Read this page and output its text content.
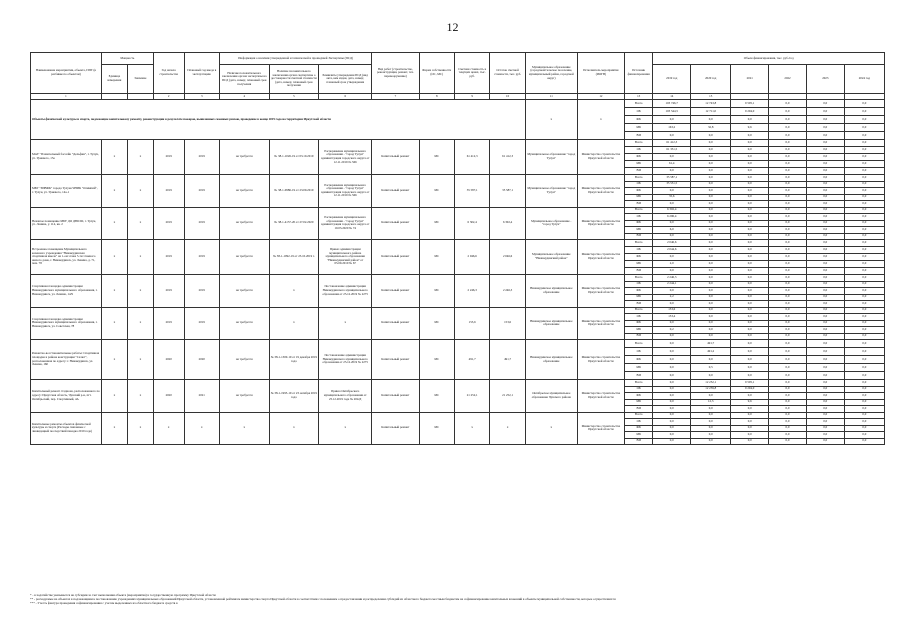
12
Наименование мероприятия, объекта, ППТ (в разбивке по объектам)	Мощность		Год начала строительства	Плановый год ввода в эксплуатацию	Информация о наличии утвержденной и технической и прошедшей Экспертизы (ПСД)			Вид работ (строительство, реконструкция, ремонт, тех. перевооружение)	Форма собственности (ОС, МС)	Сметная стоимость в текущих ценах, тыс. руб.	Остаток сметной стоимости, тыс. руб.	Муниципальное образование (городской/сельское поселение, муниципальный район, городской округ)	Исполнитель мероприятия (ИОГВ)	Источник финансирования	Объем финансирования, тыс. руб./год					
	Единица измерения	Значение			Наличие положительного заключения органа экспертизы на ПСД (дата, номер; плановый срок получения	Наличие положительного заключения органа экспертизы о достоверности сметной стоимости (дата, номер; плановый срок получения	Реквизиты утверждения ПСД (вид акта, кем издан, дата, номер; плановый срок утверждения								2019 год	2020 год	2021	2022	2023	2024 год

1			2	3	4	5	6	7	8	9	10	11	12	13	14	15				
Объекты физической культуры и спорта, подлежащие капитальному ремонту, реконструкции в результате пожаров, выявленных сезонных рисков, проведение в конце 2019 года на территории Иркутской области												х	х	Всего	103 746,7	12 743,8	9 505,1	0,0	0,0	0,0
														ОБ	103 544,5	12 711,0	9 294,0	0,0	0,0	0,0
														ФБ	0,0	0,0	0,0	0,0	0,0	0,0
														МБ	163,2	32,8	9,6	0,0	0,0	0,0
														ВИ	0,0	0,0	0,0	0,0	0,0	0,0
МАУ "Плавательный бассейн "Дельфин", г. Тулун, ул. Уриевого, 15а	х	х	2019	2019	не требуется	№ 38-1-1026-19 от 03.10.2019	Распоряжение муниципального образования - "город Тулун" администрация городского округа от 12.11.2019 № 566	Капитальный ремонт	МС	61 412,3	61 412,3	Муниципальное образование "город Тулун"	Министерство строительства Иркутской области	Всего	61 412,3	0,0	0,0	0,0	0,0	0,0
														ОБ	61 351,5	0,0	0,0	0,0	0,0	0,0
														ФБ	0,0	0,0	0,0	0,0	0,0	0,0
														МБ	61,4	0,0	0,0	0,0	0,0	0,0
														ВИ	0,0	0,0	0,0	0,0	0,0	0,0
МБУ "ЗИВФК" города Тулуна ЧНИК "Олимпий", г. Тулун, ул. Уриевого, 14а-1	х	х	2019	2019	не требуется	№ 38-1-0986-19 от 23.09.2019	Распоряжение муниципального образования - "город Тулун" администрация городского округа от 12.11.2019 № 566	Капитальный ремонт	МС	35 587,1	35 587,1	Муниципальное образование "город Тулун"	Министерство строительства Иркутской области	Всего	35 587,1	0,0	0,0	0,0	0,0	0,0
														ОБ	35 551,5	0,0	0,0	0,0	0,0	0,0
														ФБ	0,0	0,0	0,0	0,0	0,0	0,0
														МБ	35,6	0,0	0,0	0,0	0,0	0,0
														ВИ	0,0	0,0	0,0	0,0	0,0	0,0
Нежилое помещение МБУ ДО ДЮСШ, г. Тулун, ул. Ленина, у. 114, кв. 2	х	х	2019	2019	не требуется	№ 38-1-4157-20 от 27.02.2020	Распоряжение муниципального образования - "город Тулун" администрация городского округа от 10.03.2020 № 74	Капитальный ремонт	МС	6 302,4	6 302,4	Муниципальное образование - "город Тулун"	Министерство строительства Иркутской области	Всего	6 302,4	0,0	0,0	0,0	0,0	0,0
														ОБ	6 296,4	0,0	0,0	0,0	0,0	0,0
														ФБ	0,0	0,0	0,0	0,0	0,0	0,0
														МБ	6,0	0,0	0,0	0,0	0,0	0,0
														ВИ	0,0	0,0	0,0	0,0	0,0	0,0
Встроенное помещение Муниципального казенного учреждения "Нижнеудинская спортивная школа" на 1-ом этаже 5-ти этажного жилого дома, г. Нижнеудинск, ул. Ленина, д. 71, пом. 78	х	х	2019	2019	не требуется	№ 38-1-1092-19 от 23.10.2019 г.	Приказ администрации муниципального района муниципального образования "Нижнеудинский район" от 05.09.2019 № 67	Капитальный ремонт	МС	2 046,6	2 046,6	Муниципальное образование "Нижнеудинский район"	Министерство строительства Иркутской области	Всего	2 046,6	0,0	0,0	0,0	0,0	0,0
														ОБ	2 044,6	0,0	0,0	0,0	0,0	0,0
														ФБ	0,0	0,0	0,0	0,0	0,0	0,0
														МБ	2,0	0,0	0,0	0,0	0,0	0,0
														ВИ	0,0	0,0	0,0	0,0	0,0	0,0
Спортивная площадка администрации Нижнеудинского муниципального образования, г. Нижнеудинск, ул. Ленина, 14/9	х	х	2019	2019	не требуется	х	Постановление администрации Нижнеудинского муниципального образования от 25.12.2019 № 2275	Капитальный ремонт	МС	2 246,3	2 246,3	Нижнеудинское муниципальное образование	Министерство строительства Иркутской области	Всего	2 246,3	0,0	0,0	0,0	0,0	0,0
														ОБ	2 244,1	0,0	0,0	0,0	0,0	0,0
														ФБ	0,0	0,0	0,0	0,0	0,0	0,0
														МБ	2,2	0,0	0,0	0,0	0,0	0,0
														ВИ	0,0	0,0	0,0	0,0	0,0	0,0
Спортивная площадка администрации Нижнеудинского муниципального образования, г. Нижнеудинск, ул. Советская, 78	х	х	2019	2019	не требуется	х	х	Капитальный ремонт	МС	153,6	153,6	Нижнеудинское муниципальное образование	Министерство строительства Иркутской области	Всего	153,6	0,0	0,0	0,0	0,0	0,0
														ОБ	153,4	0,0	0,0	0,0	0,0	0,0
														ФБ	0,0	0,0	0,0	0,0	0,0	0,0
														МБ	0,2	0,0	0,0	0,0	0,0	0,0
														ВИ	0,0	0,0	0,0	0,0	0,0	0,0
Ремонтно-восстановительные работы: Спортивная площадка в районе конструкции "Салют", расположенная по адресу: г. Нижнеудинск, ул. Ленина, 160	х	х	2020	2020	не требуется	№ 38-1-1300-19 от 19 декабря 2019 года	Постановление администрации Нижнеудинского муниципального образования от 25.12.2019 № 2275	Капитальный ремонт	МС	491,7	491,7	Нижнеудинское муниципальное образование	Министерство строительства Иркутской области	Всего	0,0	491,7	0,0	0,0	0,0	0,0
														ОБ	0,0	491,2	0,0	0,0	0,0	0,0
														ФБ	0,0	0,0	0,0	0,0	0,0	0,0
														МБ	0,0	0,5	0,0	0,0	0,0	0,0
														ВИ	0,0	0,0	0,0	0,0	0,0	0,0
Капитальный ремонт стадиона, расположенного по адресу: Иркутская область, Чунский р-н, пгт. Октябрьский, пер. Спортивный, 4А	х	х	2020	2021	не требуется	№ 38-1-1995-19 от 23 октября 2019 года	Приказ Октябрьского муниципального образования от 25.12.2019 года № 204/Д	Капитальный ремонт	МС	21 252,1	21 252,1	Октябрьское муниципальное образование Чунского района	Министерство строительства Иркутской области	Всего	0,0	12 252,1	9 505,1	0,0	0,0	0,0
														ОБ	0,0	12 239,8	9 294,0	0,0	0,0	0,0
														ФБ	0,0	0,0	0,0	0,0	0,0	0,0
														МБ	0,0	12,3	9,6	0,0	0,0	0,0
														ВИ	0,0	0,0	0,0	0,0	0,0	0,0
Капитальные ремонты объектов физической культуры и спорта (Расходы связанные с ликвидацией последствий паводка 2019 года)	х	х	х	х	х	х	х	Капитальный ремонт	МС	х	х	х	Министерство строительства Иркутской области	Всего	0,0	0,0	0,0	0,0	0,0	0,0
														ОБ	0,0	0,0	0,0	0,0	0,0	0,0
														ФБ	0,0	0,0	0,0	0,0	0,0	0,0
														МБ	0,0	0,0	0,0	0,0	0,0	0,0
														ВИ	0,0	0,0	0,0	0,0	0,0	0,0
* - в ходатайстве указывается на субсидии за счет выполнения объекта (мероприятия) в государственную программу Иркутской области
** - расходуемые на объектах в подлежащими к постановлению учреждениях муниципальных образований Иркутской области, установленной рейтингом министерства спорта Иркутской области в соответствии с положением о предоставлении и распределении субсидий из областного бюджета местным бюджетам на софинансирование капитальных вложений в объекты муниципальной собственности, которые осуществляются
*** - Учесть фактура проведения софинансирования с учетом выделенных из областного бюджета средств в
